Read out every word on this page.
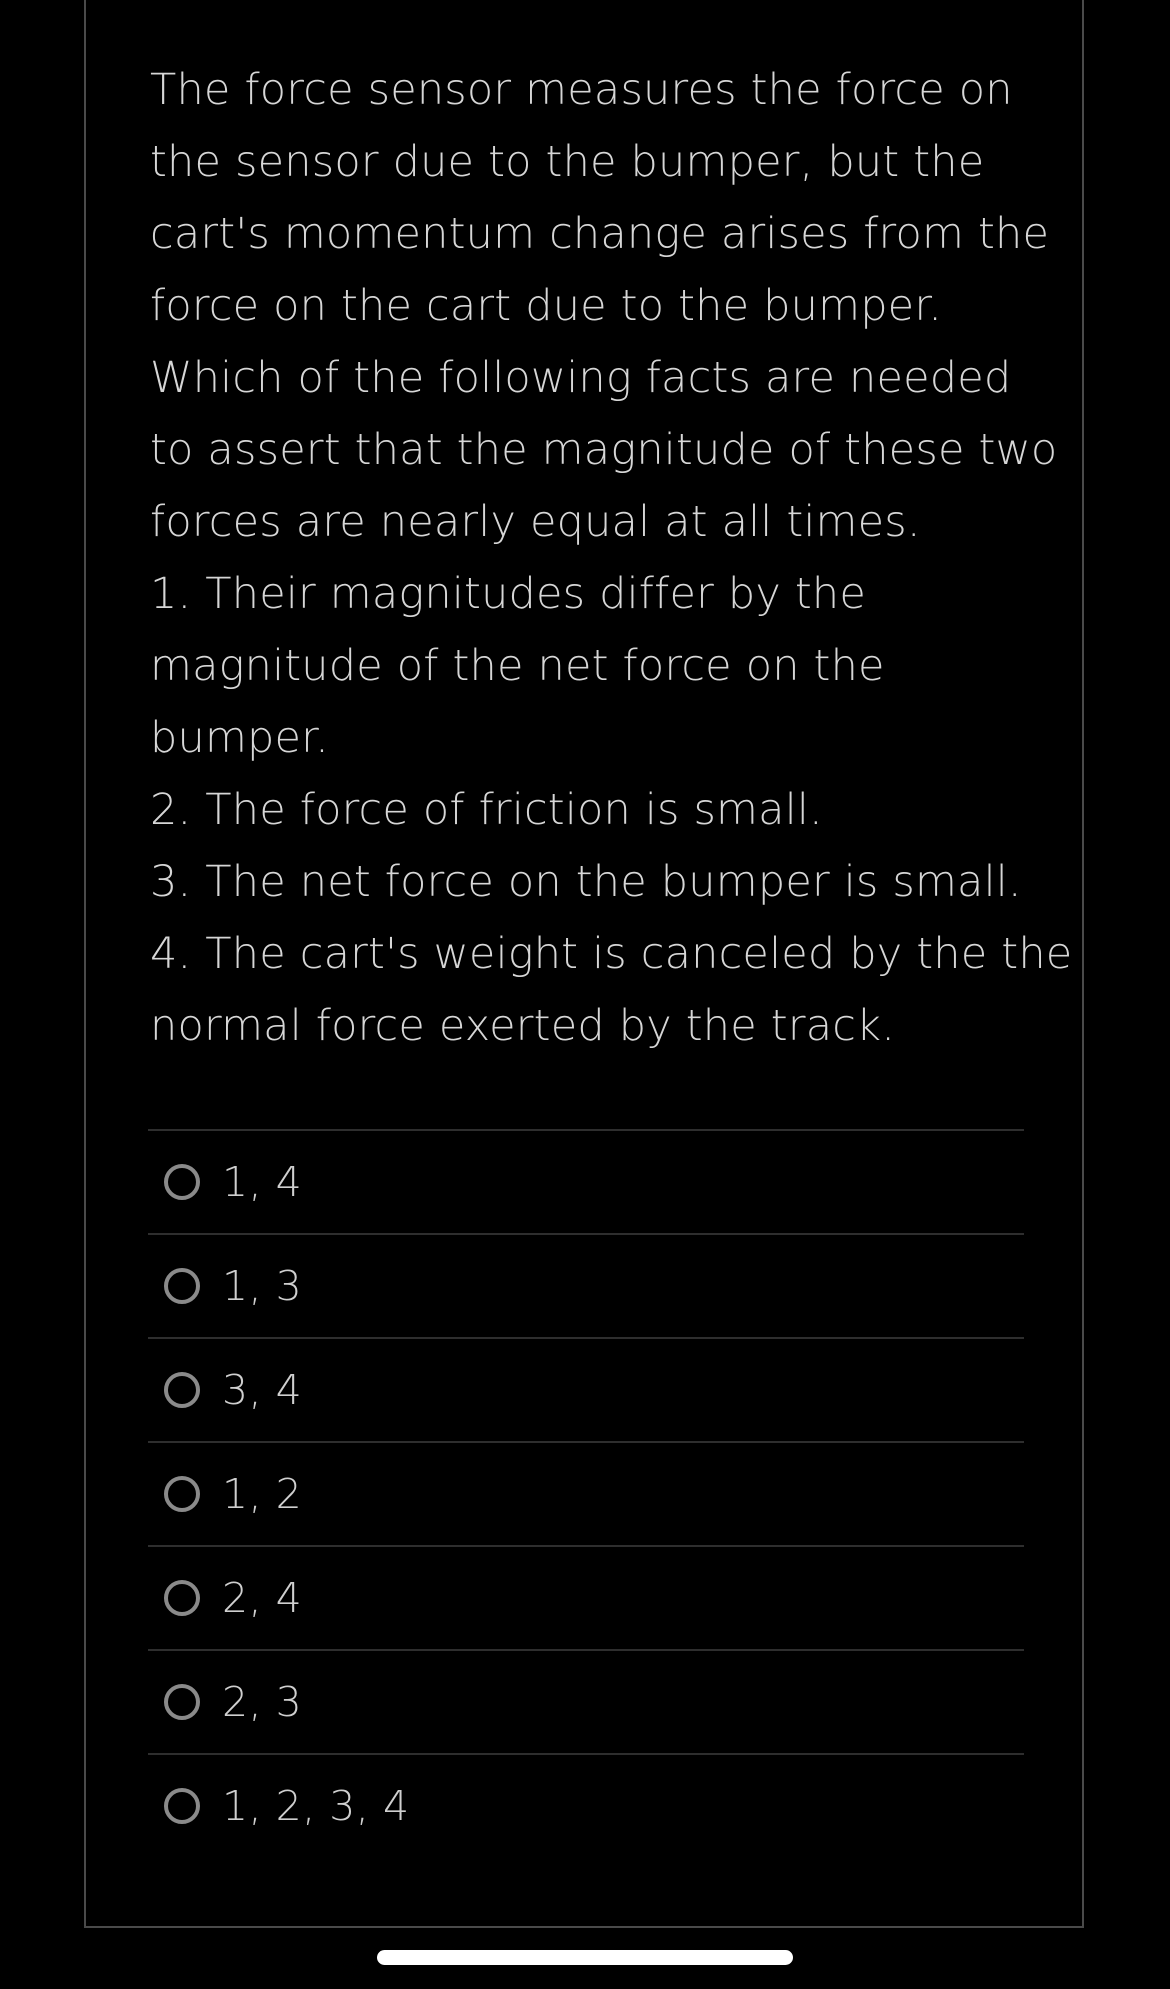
The force sensor measures the force on
the sensor due to the bumper, but the
cart's momentum change arises from the
force on the cart due to the bumper.
Which of the following facts are needed
to assert that the magnitude of these two
forces are nearly equal at all times.
1. Their magnitudes differ by the
magnitude of the net force on the
bumper.
2. The force of friction is small.
3. The net force on the bumper is small.
4. The cart's weight is canceled by the the
normal force exerted by the track.
1, 4
1, 3
3, 4
1, 2
2, 4
2, 3
1, 2, 3, 4
